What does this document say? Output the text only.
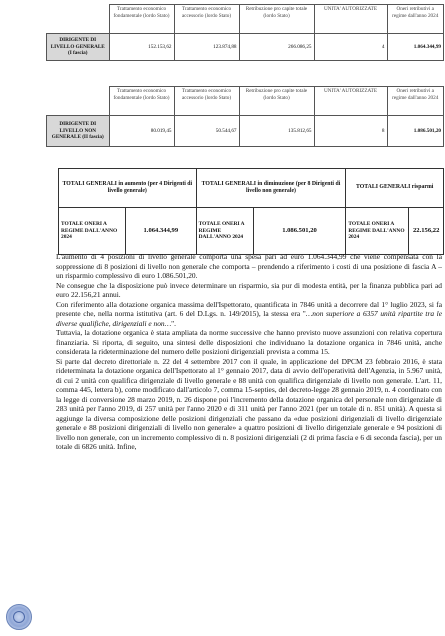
	Trattamento economico fondamentale (lordo Stato)	Trattamento economico accessorio (lordo Stato)	Retribuzione pro capite totale (lordo Stato)	UNITA' AUTORIZZATE	Oneri retributivi a regime dall'anno 2024
DIRIGENTE DI LIVELLO GENERALE (I fascia)	152.153,62	123.874,88	266.086,25	4	1.064.344,99
	Trattamento economico fondamentale (lordo Stato)	Trattamento economico accessorio (lordo Stato)	Retribuzione pro capite totale (lordo Stato)	UNITA' AUTORIZZATE	Oneri retributivi a regime dall'anno 2024
DIRIGENTE DI LIVELLO NON GENERALE (II fascia)	80.019,45	50.544,67	135.812,65	8	1.086.501,20
TOTALI GENERALI in aumento (per 4 Dirigenti di livello generale)		TOTALI GENERALI in diminuzione (per 8 Dirigenti di livello non generale)		TOTALI GENERALI risparmi	
TOTALE ONERI A REGIME DALL'ANNO 2024	1.064.344,99	TOTALE ONERI A REGIME DALL'ANNO 2024	1.086.501,20	TOTALE ONERI A REGIME DALL'ANNO 2024	22.156,22

L'aumento di 4 posizioni di livello generale comporta una spesa pari ad euro 1.064.344,99 che viene compensata con la soppressione di 8 posizioni di livello non generale che comporta – prendendo a riferimento i costi di una posizione di fascia A – un risparmio complessivo di euro 1.086.501,20.

Ne consegue che la disposizione può invece determinare un risparmio, sia pur di modesta entità, per la finanza pubblica pari ad euro 22.156,21 annui.

Con riferimento alla dotazione organica massima dell'Ispettorato, quantificata in 7846 unità a decorrere dal 1° luglio 2023, si fa presente che, nella norma istitutiva (art. 6 del D.Lgs. n. 149/2015), la stessa era "…non superiore a 6357 unità ripartite tra le diverse qualifiche, dirigenziali e non…".

Tuttavia, la dotazione organica è stata ampliata da norme successive che hanno previsto nuove assunzioni con relativa copertura finanziaria. Si riporta, di seguito, una sintesi delle disposizioni che individuano la dotazione organica in 7846 unità, anche considerata la rideterminazione del numero delle posizioni dirigenziali prevista a comma 15.

Si parte dal decreto direttoriale n. 22 del 4 settembre 2017 con il quale, in applicazione del DPCM 23 febbraio 2016, è stata rideterminata la dotazione organica dell'Ispettorato al 1° gennaio 2017, data di avvio dell'operatività dell'Agenzia, in 5.967 unità, di cui 2 unità con qualifica dirigenziale di livello generale e 88 unità con qualifica dirigenziale di livello non generale. L'art. 11, comma 445, lettera b), come modificato dall'articolo 7, comma 15-septies, del decreto-legge 28 gennaio 2019, n. 4 coordinato con la legge di conversione 28 marzo 2019, n. 26 dispone poi l'incremento della dotazione organica del personale non dirigenziale di 283 unità per l'anno 2019, di 257 unità per l'anno 2020 e di 311 unità per l'anno 2021 (per un totale di n. 851 unità). A questa si aggiunge la diversa composizione delle posizioni dirigenziali che passano da «due posizioni dirigenziali di livello dirigenziale generale e 88 posizioni dirigenziali di livello non generale» a quattro posizioni di livello dirigenziale generale e 94 posizioni di livello non generale, con un incremento complessivo di n. 8 posizioni dirigenziali (2 di prima fascia e 6 di seconda fascia), per un totale di 6826 unità. Infine,
